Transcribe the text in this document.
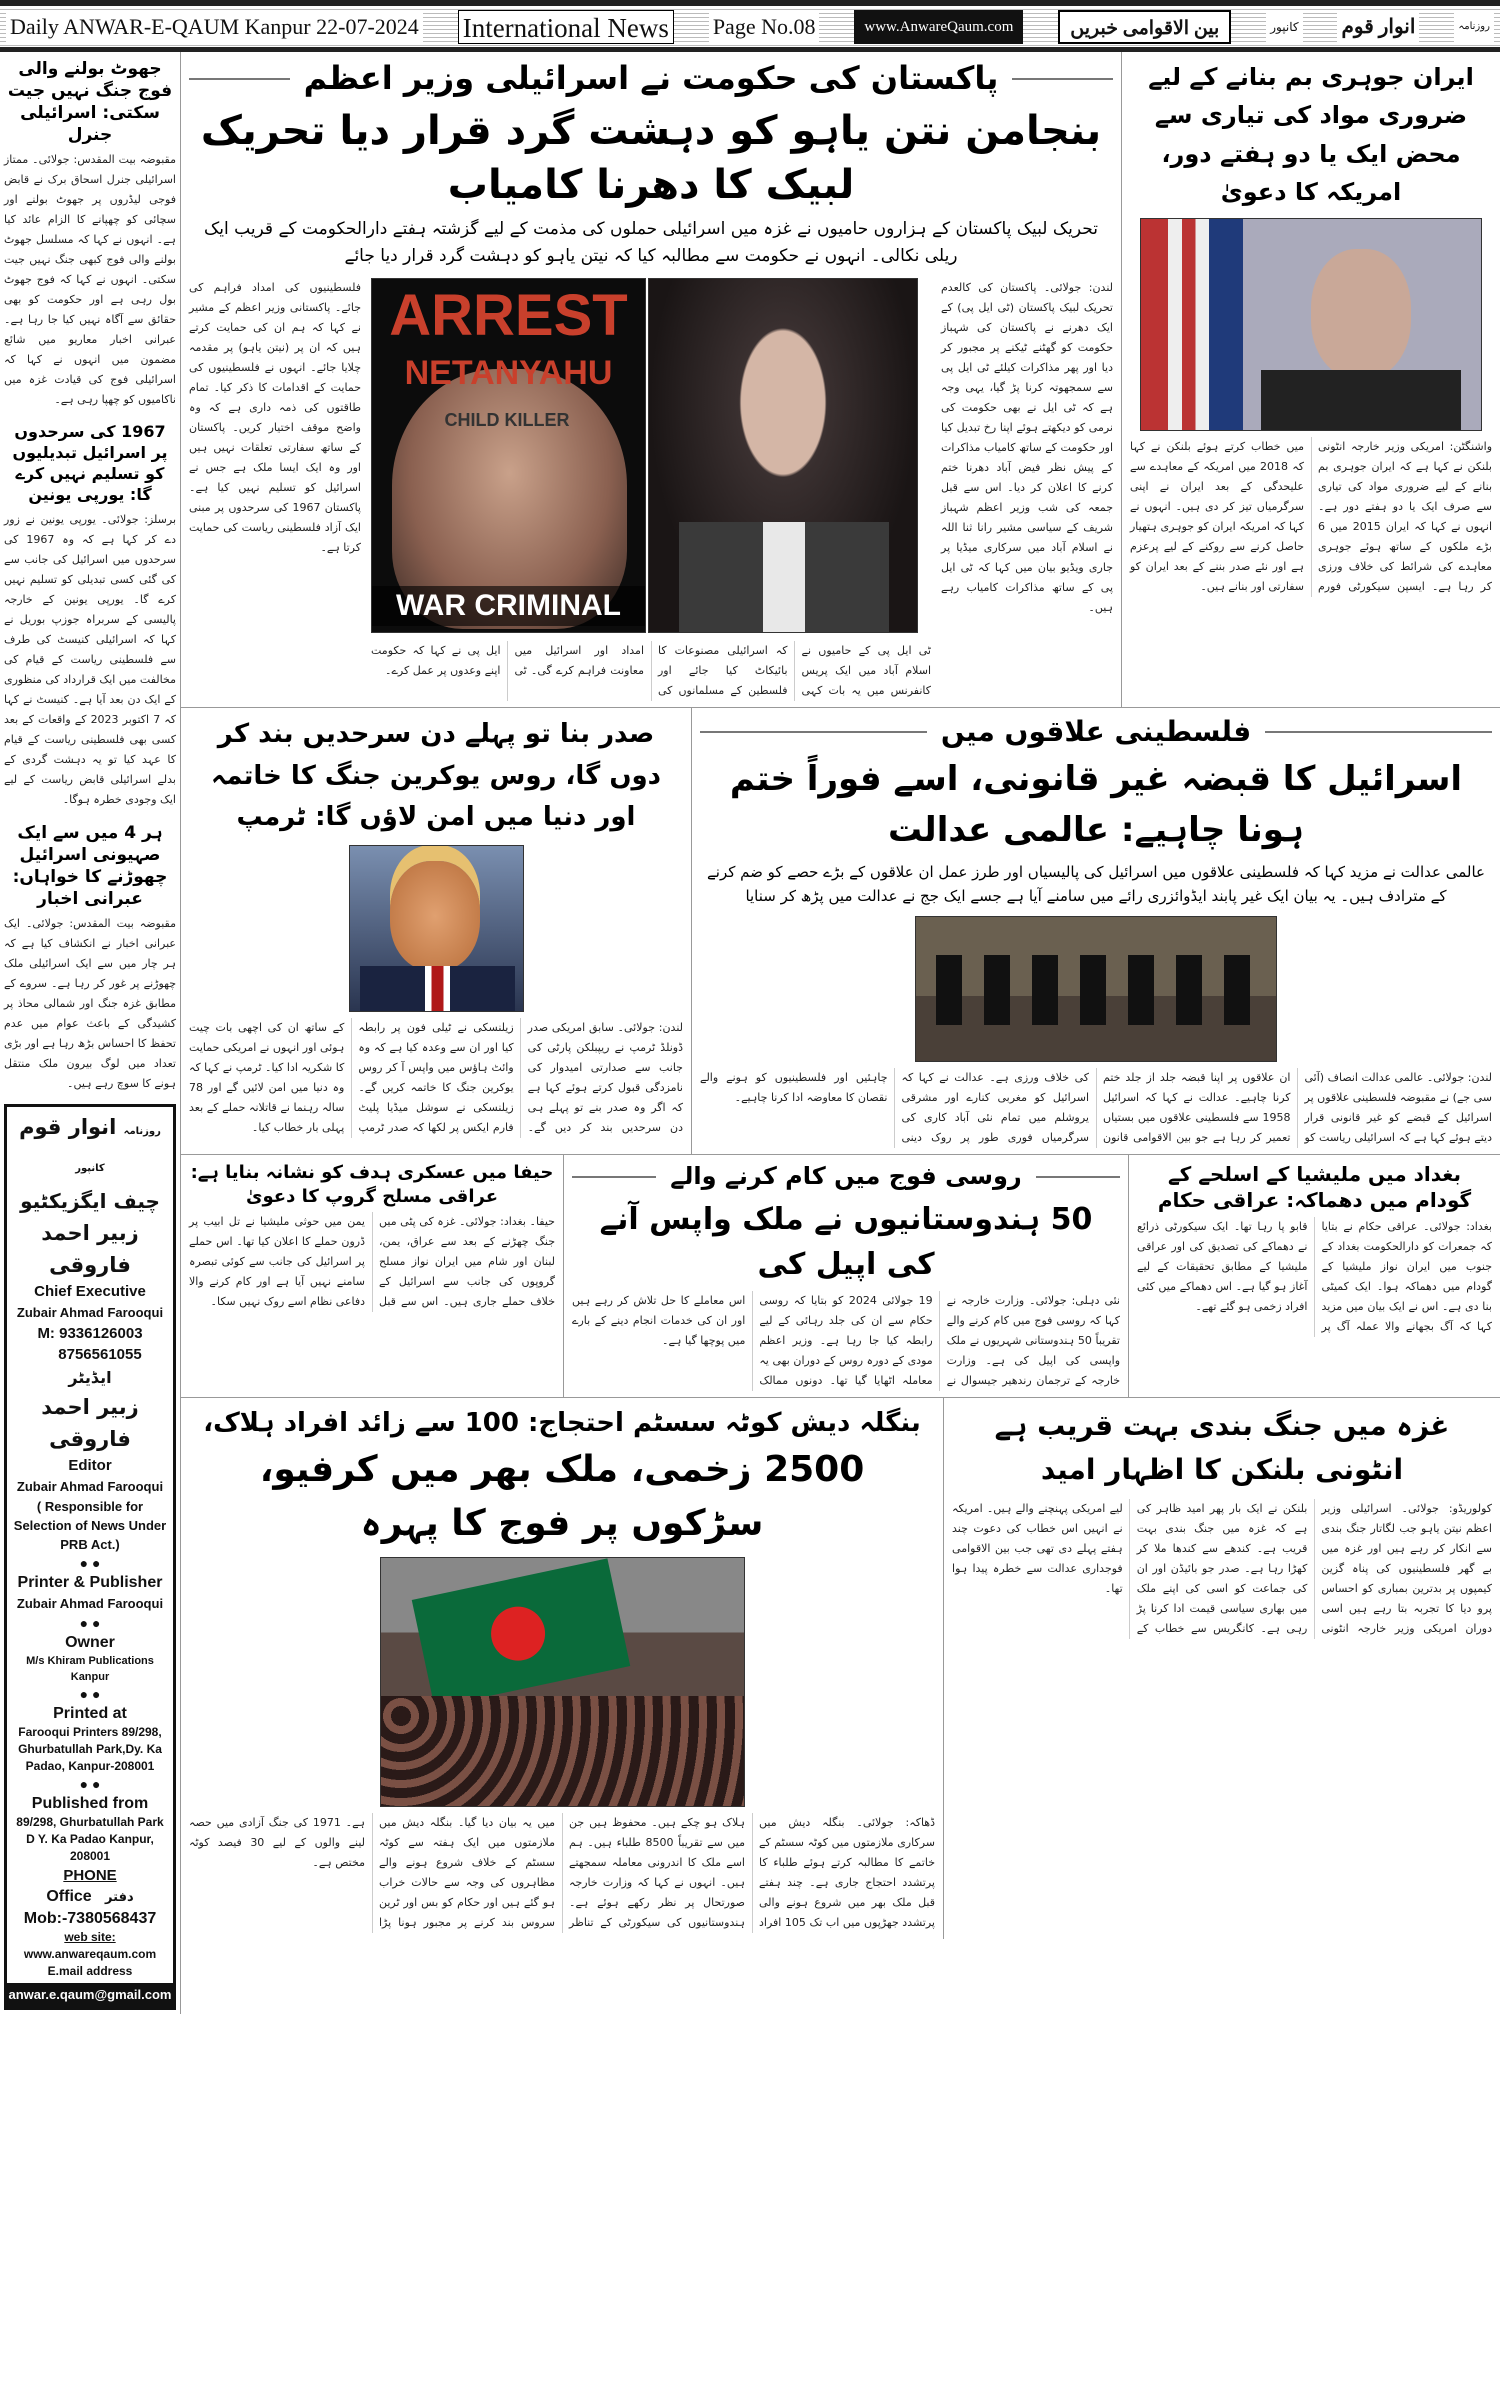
Daily ANWAR-E-QAUM Kanpur 22-07-2024 International News Page No.08	www.AnwareQaum.com	بین الاقوامی خبریں	کانپور انوار قوم	روزنامہ
جھوٹ بولنے والی فوج جنگ نہیں جیت سکتی: اسرائیلی جنرل
مقبوضہ بیت المقدس: جولائی۔ ممتاز اسرائیلی جنرل اسحاق برک نے قابض فوجی لیڈروں پر جھوٹ بولنے اور سچائی کو چھپانے کا الزام عائد کیا ہے۔ انہوں نے کہا کہ مسلسل جھوٹ بولنے والی فوج کبھی جنگ نہیں جیت سکتی۔ انہوں نے کہا کہ فوج جھوٹ بول رہی ہے اور حکومت کو بھی حقائق سے آگاہ نہیں کیا جا رہا ہے۔ عبرانی اخبار معاریو میں شائع مضمون میں انہوں نے کہا کہ اسرائیلی فوج کی قیادت غزہ میں ناکامیوں کو چھپا رہی ہے۔
1967 کی سرحدوں پر اسرائیل تبدیلیوں کو تسلیم نہیں کرے گا: یورپی یونین
برسلز: جولائی۔ یورپی یونین نے زور دے کر کہا ہے کہ وہ 1967 کی سرحدوں میں اسرائیل کی جانب سے کی گئی کسی تبدیلی کو تسلیم نہیں کرے گا۔ یورپی یونین کے خارجہ پالیسی کے سربراہ جوزپ بوریل نے کہا کہ اسرائیلی کنیسٹ کی طرف سے فلسطینی ریاست کے قیام کی مخالفت میں ایک قرارداد کی منظوری کے ایک دن بعد آیا ہے۔ کنیسٹ نے کہا کہ 7 اکتوبر 2023 کے واقعات کے بعد کسی بھی فلسطینی ریاست کے قیام کا عہد کیا تو یہ دہشت گردی کے بدلے اسرائیلی قابض ریاست کے لیے ایک وجودی خطرہ ہوگا۔
ہر 4 میں سے ایک صہیونی اسرائیل چھوڑنے کا خواہاں: عبرانی اخبار
مقبوضہ بیت المقدس: جولائی۔ ایک عبرانی اخبار نے انکشاف کیا ہے کہ ہر چار میں سے ایک اسرائیلی ملک چھوڑنے پر غور کر رہا ہے۔ سروے کے مطابق غزہ جنگ اور شمالی محاذ پر کشیدگی کے باعث عوام میں عدم تحفظ کا احساس بڑھ رہا ہے اور بڑی تعداد میں لوگ بیرون ملک منتقل ہونے کا سوچ رہے ہیں۔
روزنامہ انوار قوم کانپور
چیف ایگزیکٹیو
زبیر احمد فاروقی
Chief Executive
Zubair Ahmad Farooqui
M: 9336126003
8756561055
ایڈیٹر
زبیر احمد فاروقی
Editor
Zubair Ahmad Farooqui
( Responsible for Selection of News Under PRB Act.)
● ●
Printer & Publisher
Zubair Ahmad Farooqui
● ●
Owner
M/s Khiram Publications Kanpur
● ●
Printed at
Farooqui Printers 89/298, Ghurbatullah Park,Dy. Ka Padao, Kanpur-208001
● ●
Published from
89/298, Ghurbatullah Park D Y. Ka Padao Kanpur, 208001
PHONE
Office دفتر
Mob:-7380568437
web site:
www.anwareqaum.com
E.mail address
anwar.e.qaum@gmail.com
پاکستان کی حکومت نے اسرائیلی وزیر اعظم
بنجامن نتن یاہو کو دہشت گرد قرار دیا تحریک لبیک کا دھرنا کامیاب
تحریک لبیک پاکستان کے ہزاروں حامیوں نے غزہ میں اسرائیلی حملوں کی مذمت کے لیے گزشتہ ہفتے دارالحکومت کے قریب ایک ریلی نکالی۔ انہوں نے حکومت سے مطالبہ کیا کہ نیتن یاہو کو دہشت گرد قرار دیا جائے
فلسطینیوں کی امداد فراہم کی جائے۔ پاکستانی وزیر اعظم کے مشیر نے کہا کہ ہم ان کی حمایت کرتے ہیں کہ ان پر (نیتن یاہو) پر مقدمہ چلایا جائے۔ انہوں نے فلسطینیوں کی حمایت کے اقدامات کا ذکر کیا۔ تمام طاقتوں کی ذمہ داری ہے کہ وہ واضح موقف اختیار کریں۔ پاکستان کے ساتھ سفارتی تعلقات نہیں ہیں اور وہ ایک ایسا ملک ہے جس نے اسرائیل کو تسلیم نہیں کیا ہے۔ پاکستان 1967 کی سرحدوں پر مبنی ایک آزاد فلسطینی ریاست کی حمایت کرتا ہے۔
ARREST
NETANYAHU
CHILD KILLER
WAR CRIMINAL
ٹی ایل پی کے حامیوں نے اسلام آباد میں ایک پریس کانفرنس میں یہ بات کہی کہ اسرائیلی مصنوعات کا بائیکاٹ کیا جائے اور فلسطین کے مسلمانوں کی امداد اور اسرائیل میں معاونت فراہم کرے گی۔ ٹی ایل پی نے کہا کہ حکومت اپنے وعدوں پر عمل کرے۔
لندن: جولائی۔ پاکستان کی کالعدم تحریک لبیک پاکستان (ٹی ایل پی) کے ایک دھرنے نے پاکستان کی شہباز حکومت کو گھٹنے ٹیکنے پر مجبور کر دیا اور پھر مذاکرات کیلئے ٹی ایل پی سے سمجھوتہ کرنا پڑ گیا، یہی وجہ ہے کہ ٹی ایل نے بھی حکومت کی نرمی کو دیکھتے ہوئے اپنا رخ تبدیل کیا اور حکومت کے ساتھ کامیاب مذاکرات کے پیش نظر فیض آباد دھرنا ختم کرنے کا اعلان کر دیا۔ اس سے قبل جمعہ کی شب وزیر اعظم شہباز شریف کے سیاسی مشیر رانا ثنا اللہ نے اسلام آباد میں سرکاری میڈیا پر جاری ویڈیو بیان میں کہا کہ ٹی ایل پی کے ساتھ مذاکرات کامیاب رہے ہیں۔
ایران جوہری بم بنانے کے لیے ضروری مواد کی تیاری سے محض ایک یا دو ہفتے دور، امریکہ کا دعویٰ
واشنگٹن: امریکی وزیر خارجہ انٹونی بلنکن نے کہا ہے کہ ایران جوہری بم بنانے کے لیے ضروری مواد کی تیاری سے صرف ایک یا دو ہفتے دور ہے۔ انہوں نے کہا کہ ایران 2015 میں 6 بڑے ملکوں کے ساتھ ہوئے جوہری معاہدے کی شرائط کی خلاف ورزی کر رہا ہے۔ ایسپن سیکورٹی فورم میں خطاب کرتے ہوئے بلنکن نے کہا کہ 2018 میں امریکہ کے معاہدے سے علیحدگی کے بعد ایران نے اپنی سرگرمیاں تیز کر دی ہیں۔ انہوں نے کہا کہ امریکہ ایران کو جوہری ہتھیار حاصل کرنے سے روکنے کے لیے پرعزم ہے اور نئے صدر بننے کے بعد ایران کو سفارتی اور بنانے ہیں۔
صدر بنا تو پہلے دن سرحدیں بند کر دوں گا، روس یوکرین جنگ کا خاتمہ اور دنیا میں امن لاؤں گا: ٹرمپ
لندن: جولائی۔ سابق امریکی صدر ڈونلڈ ٹرمپ نے ریپبلکن پارٹی کی جانب سے صدارتی امیدوار کی نامزدگی قبول کرتے ہوئے کہا ہے کہ اگر وہ صدر بنے تو پہلے ہی دن سرحدیں بند کر دیں گے۔ زیلنسکی نے ٹیلی فون پر رابطہ کیا اور ان سے وعدہ کیا ہے کہ وہ وائٹ ہاؤس میں واپس آ کر روس یوکرین جنگ کا خاتمہ کریں گے۔ زیلنسکی نے سوشل میڈیا پلیٹ فارم ایکس پر لکھا کہ صدر ٹرمپ کے ساتھ ان کی اچھی بات چیت ہوئی اور انہوں نے امریکی حمایت کا شکریہ ادا کیا۔ ٹرمپ نے کہا کہ وہ دنیا میں امن لائیں گے اور 78 سالہ رہنما نے قاتلانہ حملے کے بعد پہلی بار خطاب کیا۔
فلسطینی علاقوں میں
اسرائیل کا قبضہ غیر قانونی، اسے فوراً ختم ہونا چاہیے: عالمی عدالت
عالمی عدالت نے مزید کہا کہ فلسطینی علاقوں میں اسرائیل کی پالیسیاں اور طرز عمل ان علاقوں کے بڑے حصے کو ضم کرنے کے مترادف ہیں۔ یہ بیان ایک غیر پابند ایڈوائزری رائے میں سامنے آیا ہے جسے ایک جج نے عدالت میں پڑھ کر سنایا
لندن: جولائی۔ عالمی عدالت انصاف (آئی سی جے) نے مقبوضہ فلسطینی علاقوں پر اسرائیل کے قبضے کو غیر قانونی قرار دیتے ہوئے کہا ہے کہ اسرائیلی ریاست کو ان علاقوں پر اپنا قبضہ جلد از جلد ختم کرنا چاہیے۔ عدالت نے کہا کہ اسرائیل 1958 سے فلسطینی علاقوں میں بستیاں تعمیر کر رہا ہے جو بین الاقوامی قانون کی خلاف ورزی ہے۔ عدالت نے کہا کہ اسرائیل کو مغربی کنارے اور مشرقی یروشلم میں تمام نئی آباد کاری کی سرگرمیاں فوری طور پر روک دینی چاہئیں اور فلسطینیوں کو ہونے والے نقصان کا معاوضہ ادا کرنا چاہیے۔
حیفا میں عسکری ہدف کو نشانہ بنایا ہے: عراقی مسلح گروپ کا دعویٰ
حیفا۔ بغداد: جولائی۔ غزہ کی پٹی میں جنگ چھڑنے کے بعد سے عراق، یمن، لبنان اور شام میں ایران نواز مسلح گروپوں کی جانب سے اسرائیل کے خلاف حملے جاری ہیں۔ اس سے قبل یمن میں حوثی ملیشیا نے تل ابیب پر ڈرون حملے کا اعلان کیا تھا۔ اس حملے پر اسرائیل کی جانب سے کوئی تبصرہ سامنے نہیں آیا ہے اور کام کرنے والا دفاعی نظام اسے روک نہیں سکا۔
روسی فوج میں کام کرنے والے
50 ہندوستانیوں نے ملک واپس آنے کی اپیل کی
نئی دہلی: جولائی۔ وزارت خارجہ نے کہا کہ روسی فوج میں کام کرنے والے تقریباً 50 ہندوستانی شہریوں نے ملک واپسی کی اپیل کی ہے۔ وزارت خارجہ کے ترجمان رندھیر جیسوال نے 19 جولائی 2024 کو بتایا کہ روسی حکام سے ان کی جلد رہائی کے لیے رابطہ کیا جا رہا ہے۔ وزیر اعظم مودی کے دورہ روس کے دوران بھی یہ معاملہ اٹھایا گیا تھا۔ دونوں ممالک اس معاملے کا حل تلاش کر رہے ہیں اور ان کی خدمات انجام دینے کے بارے میں پوچھا گیا ہے۔
بغداد میں ملیشیا کے اسلحے کے گودام میں دھماکہ: عراقی حکام
بغداد: جولائی۔ عراقی حکام نے بتایا کہ جمعرات کو دارالحکومت بغداد کے جنوب میں ایران نواز ملیشیا کے گودام میں دھماکہ ہوا۔ ایک کمیٹی بنا دی ہے۔ اس نے ایک بیان میں مزید کہا کہ آگ بجھانے والا عملہ آگ پر قابو پا رہا تھا۔ ایک سیکورٹی ذرائع نے دھماکے کی تصدیق کی اور عراقی ملیشیا کے مطابق تحقیقات کے لیے آغاز ہو گیا ہے۔ اس دھماکے میں کئی افراد زخمی ہو گئے تھے۔
بنگلہ دیش کوٹہ سسٹم احتجاج: 100 سے زائد افراد ہلاک،
2500 زخمی، ملک بھر میں کرفیو، سڑکوں پر فوج کا پہرہ
ڈھاکہ: جولائی۔ بنگلہ دیش میں سرکاری ملازمتوں میں کوٹہ سسٹم کے خاتمے کا مطالبہ کرتے ہوئے طلباء کا پرتشدد احتجاج جاری ہے۔ چند ہفتے قبل ملک بھر میں شروع ہونے والی پرتشدد جھڑپوں میں اب تک 105 افراد ہلاک ہو چکے ہیں۔ محفوظ ہیں جن میں سے تقریباً 8500 طلباء ہیں۔ ہم اسے ملک کا اندرونی معاملہ سمجھتے ہیں۔ انہوں نے کہا کہ وزارت خارجہ صورتحال پر نظر رکھے ہوئے ہے۔ ہندوستانیوں کی سیکورٹی کے تناظر میں یہ بیان دیا گیا۔ بنگلہ دیش میں ملازمتوں میں ایک ہفتہ سے کوٹہ سسٹم کے خلاف شروع ہونے والے مظاہروں کی وجہ سے حالات خراب ہو گئے ہیں اور حکام کو بس اور ٹرین سروس بند کرنے پر مجبور ہونا پڑا ہے۔ 1971 کی جنگ آزادی میں حصہ لینے والوں کے لیے 30 فیصد کوٹہ مختص ہے۔
غزہ میں جنگ بندی بہت قریب ہے انٹونی بلنکن کا اظہار امید
کولوریڈو: جولائی۔ اسرائیلی وزیر اعظم نیتن یاہو جب لگاتار جنگ بندی سے انکار کر رہے ہیں اور غزہ میں بے گھر فلسطینیوں کی پناہ گزین کیمپوں پر بدترین بمباری کو احساس پرو دیا کا تجربہ بتا رہے ہیں اسی دوران امریکی وزیر خارجہ انٹونی بلنکن نے ایک بار پھر امید ظاہر کی ہے کہ غزہ میں جنگ بندی بہت قریب ہے۔ کندھے سے کندھا ملا کر کھڑا رہا ہے۔ صدر جو بائیڈن اور ان کی جماعت کو اسی کی اپنے ملک میں بھاری سیاسی قیمت ادا کرنا پڑ رہی ہے۔ کانگریس سے خطاب کے لیے امریکی پہنچنے والے ہیں۔ امریکہ نے انہیں اس خطاب کی دعوت چند ہفتے پہلے دی تھی جب بین الاقوامی فوجداری عدالت سے خطرہ پیدا ہوا تھا۔
